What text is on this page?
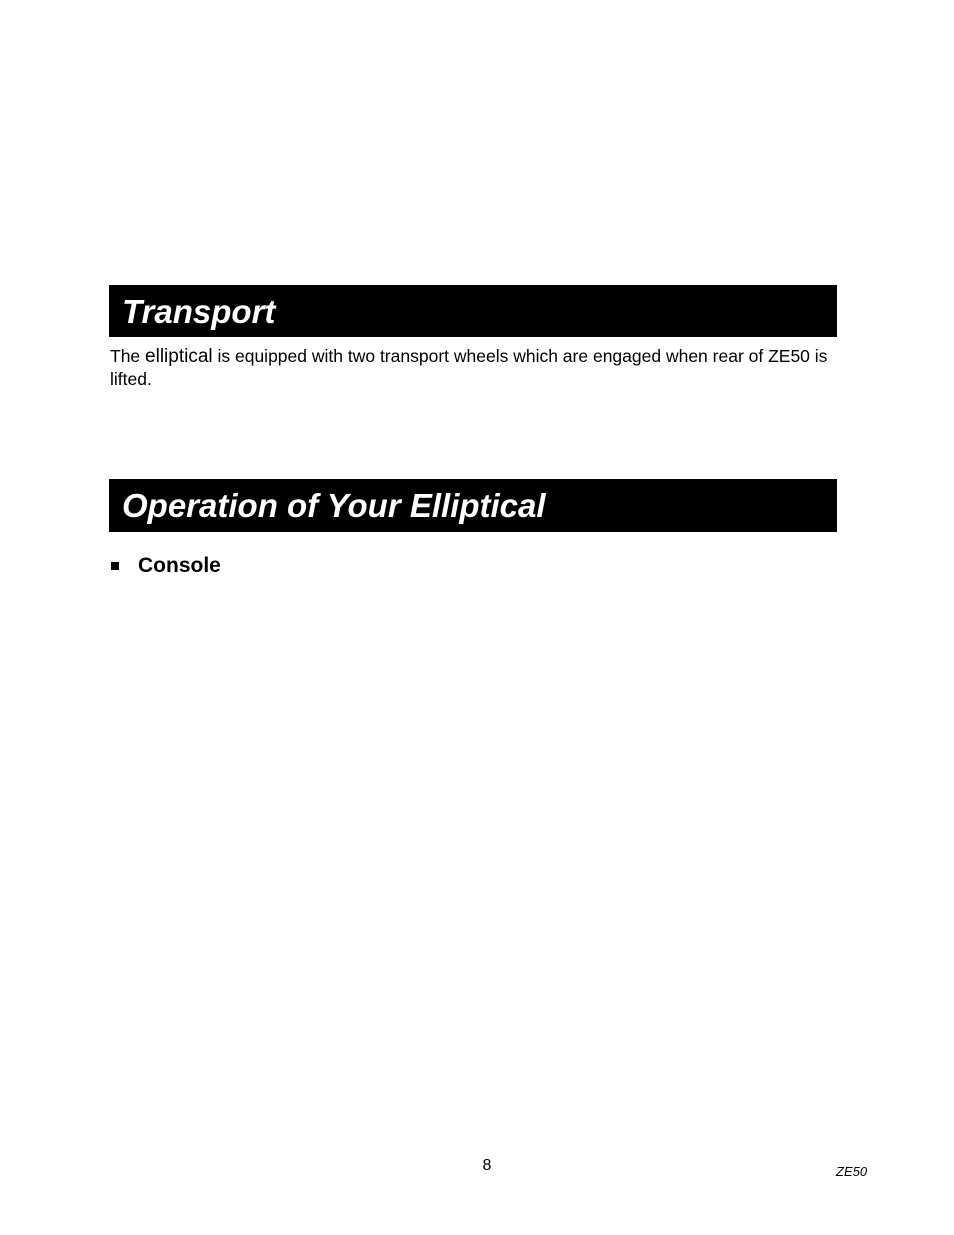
Transport

The elliptical is equipped with two transport wheels which are engaged when rear of ZE50 is lifted.

Operation of Your Elliptical
Console
8	ZE50
